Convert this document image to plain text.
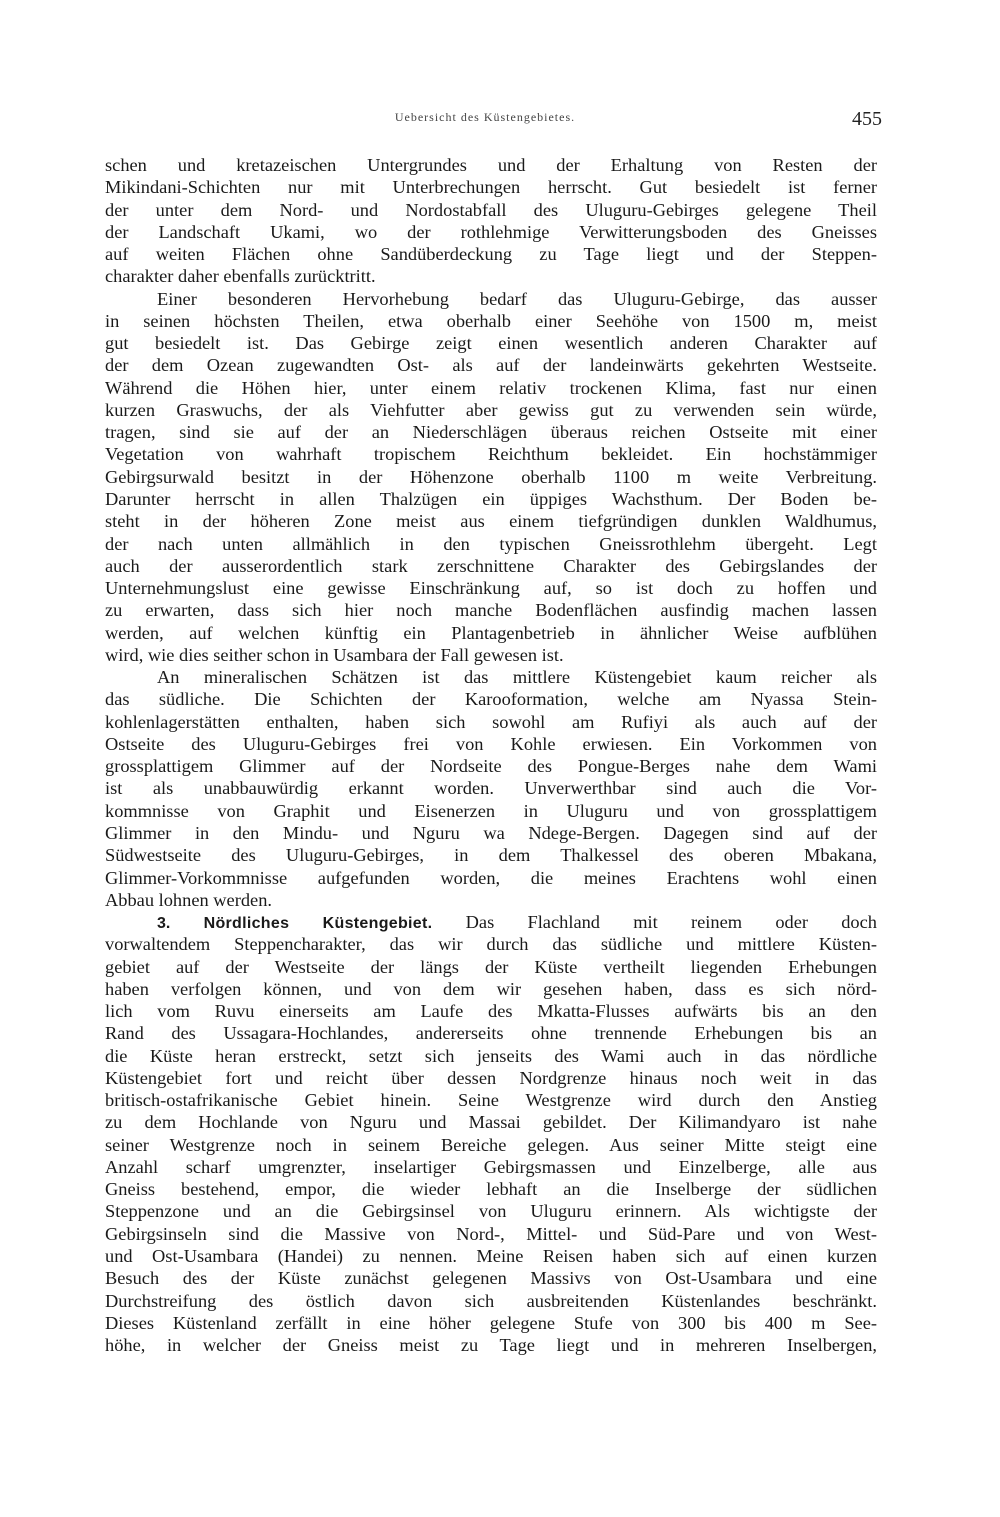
Uebersicht des Küstengebietes.	455
schen und kretazeischen Untergrundes und der Erhaltung von Resten der
Mikindani-Schichten nur mit Unterbrechungen herrscht. Gut besiedelt ist ferner
der unter dem Nord- und Nordostabfall des Uluguru-Gebirges gelegene Theil
der Landschaft Ukami, wo der rothlehmige Verwitterungsboden des Gneisses
auf weiten Flächen ohne Sandüberdeckung zu Tage liegt und der Steppen-
charakter daher ebenfalls zurücktritt.
Einer besonderen Hervorhebung bedarf das Uluguru-Gebirge, das ausser
in seinen höchsten Theilen, etwa oberhalb einer Seehöhe von 1500 m, meist
gut besiedelt ist. Das Gebirge zeigt einen wesentlich anderen Charakter auf
der dem Ozean zugewandten Ost- als auf der landeinwärts gekehrten Westseite.
Während die Höhen hier, unter einem relativ trockenen Klima, fast nur einen
kurzen Graswuchs, der als Viehfutter aber gewiss gut zu verwenden sein würde,
tragen, sind sie auf der an Niederschlägen überaus reichen Ostseite mit einer
Vegetation von wahrhaft tropischem Reichthum bekleidet. Ein hochstämmiger
Gebirgsurwald besitzt in der Höhenzone oberhalb 1100 m weite Verbreitung.
Darunter herrscht in allen Thalzügen ein üppiges Wachsthum. Der Boden be-
steht in der höheren Zone meist aus einem tiefgründigen dunklen Waldhumus,
der nach unten allmählich in den typischen Gneissrothlehm übergeht. Legt
auch der ausserordentlich stark zerschnittene Charakter des Gebirgslandes der
Unternehmungslust eine gewisse Einschränkung auf, so ist doch zu hoffen und
zu erwarten, dass sich hier noch manche Bodenflächen ausfindig machen lassen
werden, auf welchen künftig ein Plantagenbetrieb in ähnlicher Weise aufblühen
wird, wie dies seither schon in Usambara der Fall gewesen ist.
An mineralischen Schätzen ist das mittlere Küstengebiet kaum reicher als
das südliche. Die Schichten der Karooformation, welche am Nyassa Stein-
kohlenlagerstätten enthalten, haben sich sowohl am Rufiyi als auch auf der
Ostseite des Uluguru-Gebirges frei von Kohle erwiesen. Ein Vorkommen von
grossplattigem Glimmer auf der Nordseite des Pongue-Berges nahe dem Wami
ist als unabbauwürdig erkannt worden. Unverwerthbar sind auch die Vor-
kommnisse von Graphit und Eisenerzen in Uluguru und von grossplattigem
Glimmer in den Mindu- und Nguru wa Ndege-Bergen. Dagegen sind auf der
Südwestseite des Uluguru-Gebirges, in dem Thalkessel des oberen Mbakana,
Glimmer-Vorkommnisse aufgefunden worden, die meines Erachtens wohl einen
Abbau lohnen werden.
3. Nördliches Küstengebiet. Das Flachland mit reinem oder doch
vorwaltendem Steppencharakter, das wir durch das südliche und mittlere Küsten-
gebiet auf der Westseite der längs der Küste vertheilt liegenden Erhebungen
haben verfolgen können, und von dem wir gesehen haben, dass es sich nörd-
lich vom Ruvu einerseits am Laufe des Mkatta-Flusses aufwärts bis an den
Rand des Ussagara-Hochlandes, andererseits ohne trennende Erhebungen bis an
die Küste heran erstreckt, setzt sich jenseits des Wami auch in das nördliche
Küstengebiet fort und reicht über dessen Nordgrenze hinaus noch weit in das
britisch-ostafrikanische Gebiet hinein. Seine Westgrenze wird durch den Anstieg
zu dem Hochlande von Nguru und Massai gebildet. Der Kilimandyaro ist nahe
seiner Westgrenze noch in seinem Bereiche gelegen. Aus seiner Mitte steigt eine
Anzahl scharf umgrenzter, inselartiger Gebirgsmassen und Einzelberge, alle aus
Gneiss bestehend, empor, die wieder lebhaft an die Inselberge der südlichen
Steppenzone und an die Gebirgsinsel von Uluguru erinnern. Als wichtigste der
Gebirgsinseln sind die Massive von Nord-, Mittel- und Süd-Pare und von West-
und Ost-Usambara (Handei) zu nennen. Meine Reisen haben sich auf einen kurzen
Besuch des der Küste zunächst gelegenen Massivs von Ost-Usambara und eine
Durchstreifung des östlich davon sich ausbreitenden Küstenlandes beschränkt.
Dieses Küstenland zerfällt in eine höher gelegene Stufe von 300 bis 400 m See-
höhe, in welcher der Gneiss meist zu Tage liegt und in mehreren Inselbergen,
